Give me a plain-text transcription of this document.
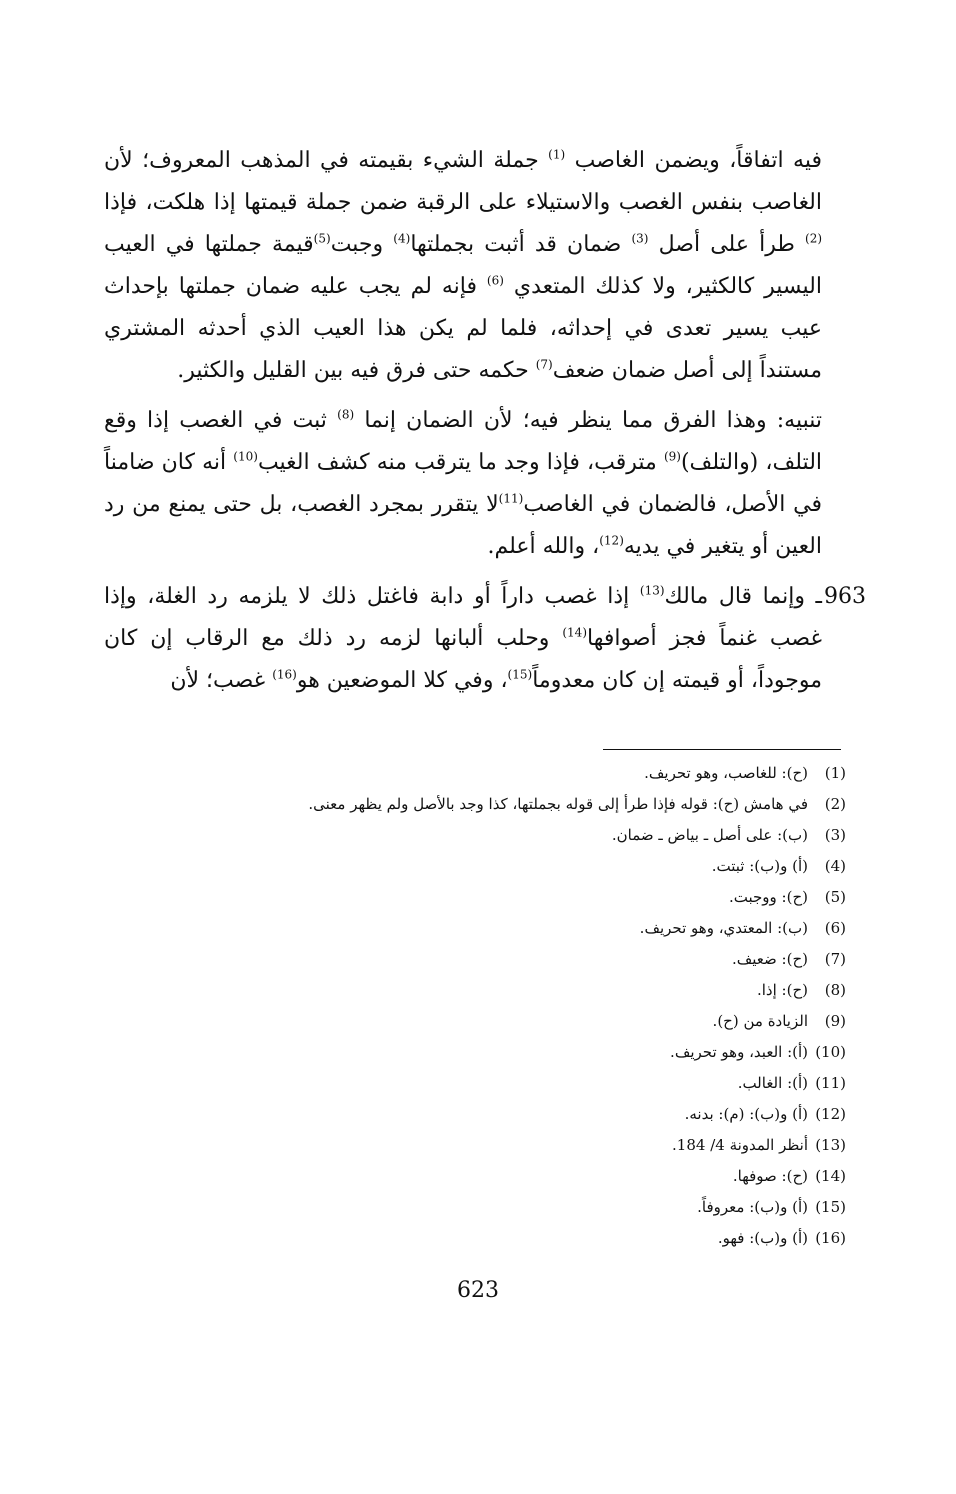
فيه اتفاقاً، ويضمن الغاصب $^{(1)}$ جملة الشيء بقيمته في المذهب المعروف؛ لأن الغاصب بنفس الغصب والاستيلاء على الرقبة ضمن جملة قيمتها إذا هلكت، فإذا $^{(2)}$ طرأ على أصل $^{(3)}$ ضمان قد أثبت بجملتها$^{(4)}$ وجبت$^{(5)}$قيمة جملتها في العيب اليسير كالكثير، ولا كذلك المتعدي $^{(6)}$ فإنه لم يجب عليه ضمان جملتها بإحداث عيب يسير تعدى في إحداثه، فلما لم يكن هذا العيب الذي أحدثه المشتري مستنداً إلى أصل ضمان ضعف$^{(7)}$ حكمه حتى فرق فيه بين القليل والكثير.

تنبيه: وهذا الفرق مما ينظر فيه؛ لأن الضمان إنما $^{(8)}$ ثبت في الغصب إذا وقع التلف، (والتلف)$^{(9)}$ مترقب، فإذا وجد ما يترقب منه كشف الغيب$^{(10)}$ أنه كان ضامناً في الأصل، فالضمان في الغاصب$^{(11)}$لا يتقرر بمجرد الغصب، بل حتى يمنع من رد العين أو يتغير في يديه$^{(12)}$، والله أعلم.

963
ـ وإنما قال مالك$^{(13)}$ إذا غصب داراً أو دابة فاغتل ذلك لا يلزمه رد الغلة، وإذا غصب غنماً فجز أصوافها$^{(14)}$ وحلب ألبانها لزمه رد ذلك مع الرقاب إن كان موجوداً، أو قيمته إن كان معدوماً$^{(15)}$، وفي كلا الموضعين هو$^{(16)}$ غصب؛ لأن

(1)
(ح): للغاصب، وهو تحريف.
(2)
في هامش (ح): قوله فإذا طرأ إلى قوله بجملتها، كذا وجد بالأصل ولم يظهر معنى.
(3)
(ب): على أصل ـ بياض ـ ضمان.
(4)
(أ) و(ب): ثبتت.
(5)
(ح): ووجبت.
(6)
(ب): المعتدي، وهو تحريف.
(7)
(ح): ضعيف.
(8)
(ح): إذا.
(9)
الزيادة من (ح).
(10)
(أ): العبد، وهو تحريف.
(11)
(أ): الغالب.
(12)
(أ) و(ب): (م): بدنه.
(13)
أنظر المدونة 4/ 184.
(14)
(ح): صوفها.
(15)
(أ) و(ب): معروفاً.
(16)
(أ) و(ب): فهو.
623
